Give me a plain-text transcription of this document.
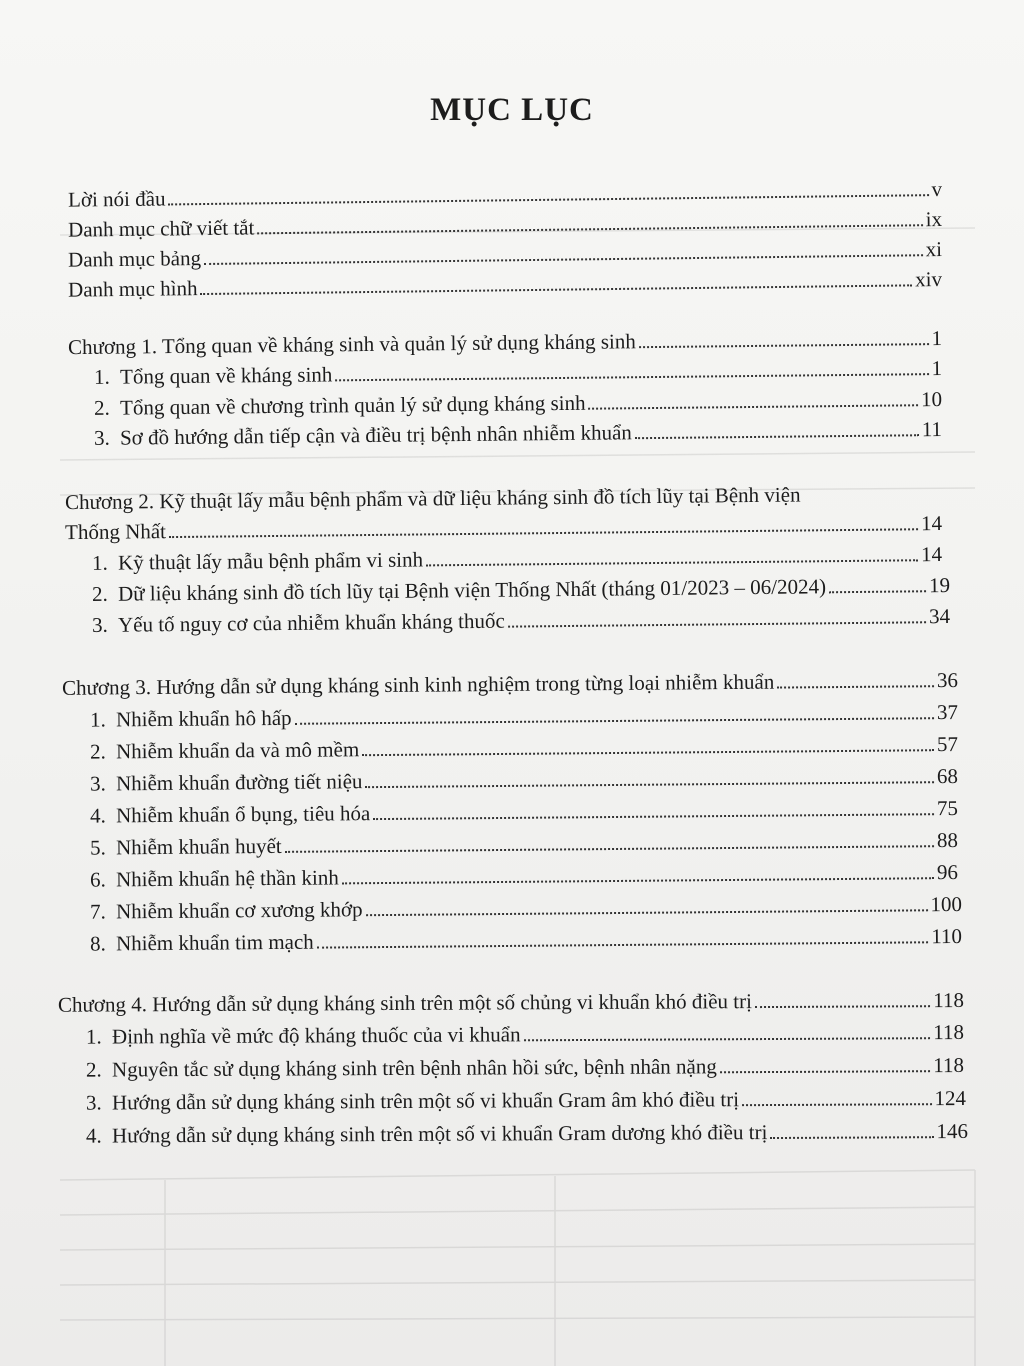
MỤC LỤC
Lời nói đầu	v
Danh mục chữ viết tắt	ix
Danh mục bảng	xi
Danh mục hình	xiv
Chương 1. Tổng quan về kháng sinh và quản lý sử dụng kháng sinh	1
1. Tổng quan về kháng sinh	1
2. Tổng quan về chương trình quản lý sử dụng kháng sinh	10
3. Sơ đồ hướng dẫn tiếp cận và điều trị bệnh nhân nhiễm khuẩn	11
Chương 2. Kỹ thuật lấy mẫu bệnh phẩm và dữ liệu kháng sinh đồ tích lũy tại Bệnh viện
Thống Nhất	14
1. Kỹ thuật lấy mẫu bệnh phẩm vi sinh	14
2. Dữ liệu kháng sinh đồ tích lũy tại Bệnh viện Thống Nhất (tháng 01/2023 – 06/2024)	19
3. Yếu tố nguy cơ của nhiễm khuẩn kháng thuốc	34
Chương 3. Hướng dẫn sử dụng kháng sinh kinh nghiệm trong từng loại nhiễm khuẩn	36
1. Nhiễm khuẩn hô hấp	37
2. Nhiễm khuẩn da và mô mềm	57
3. Nhiễm khuẩn đường tiết niệu	68
4. Nhiễm khuẩn ổ bụng, tiêu hóa	75
5. Nhiễm khuẩn huyết	88
6. Nhiễm khuẩn hệ thần kinh	96
7. Nhiễm khuẩn cơ xương khớp	100
8. Nhiễm khuẩn tim mạch	110
Chương 4. Hướng dẫn sử dụng kháng sinh trên một số chủng vi khuẩn khó điều trị	118
1. Định nghĩa về mức độ kháng thuốc của vi khuẩn	118
2. Nguyên tắc sử dụng kháng sinh trên bệnh nhân hồi sức, bệnh nhân nặng	118
3. Hướng dẫn sử dụng kháng sinh trên một số vi khuẩn Gram âm khó điều trị	124
4. Hướng dẫn sử dụng kháng sinh trên một số vi khuẩn Gram dương khó điều trị	146
